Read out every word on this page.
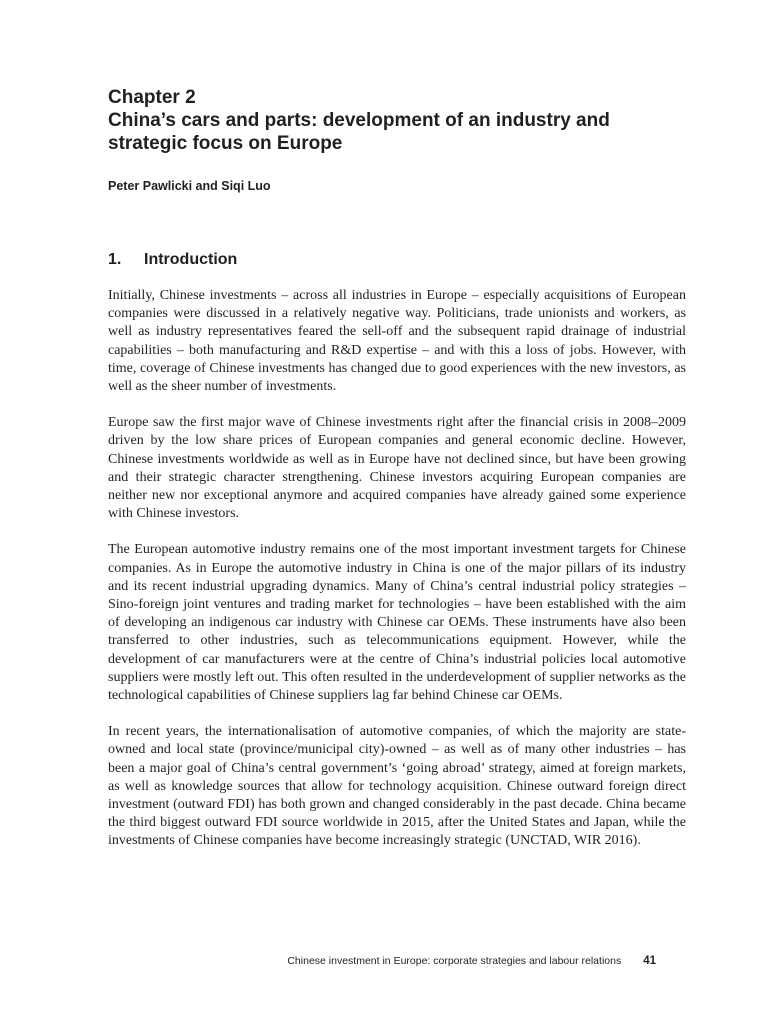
Chapter 2
China’s cars and parts: development of an industry and
strategic focus on Europe
Peter Pawlicki and Siqi Luo
1.	Introduction

Initially, Chinese investments – across all industries in Europe – especially acquisitions of European companies were discussed in a relatively negative way. Politicians, trade unionists and workers, as well as industry representatives feared the sell-off and the subsequent rapid drainage of industrial capabilities – both manufacturing and R&D expertise – and with this a loss of jobs. However, with time, coverage of Chinese investments has changed due to good experiences with the new investors, as well as the sheer number of investments.

Europe saw the first major wave of Chinese investments right after the financial crisis in 2008–2009 driven by the low share prices of European companies and general economic decline. However, Chinese investments worldwide as well as in Europe have not declined since, but have been growing and their strategic character strengthening. Chinese investors acquiring European companies are neither new nor exceptional anymore and acquired companies have already gained some experience with Chinese investors.

The European automotive industry remains one of the most important investment targets for Chinese companies. As in Europe the automotive industry in China is one of the major pillars of its industry and its recent industrial upgrading dynamics. Many of China’s central industrial policy strategies – Sino-foreign joint ventures and trading market for technologies – have been established with the aim of developing an indigenous car industry with Chinese car OEMs. These instruments have also been transferred to other industries, such as telecommunications equipment. However, while the development of car manufacturers were at the centre of China’s industrial policies local automotive suppliers were mostly left out. This often resulted in the underdevelopment of supplier networks as the technological capabilities of Chinese suppliers lag far behind Chinese car OEMs.

In recent years, the internationalisation of automotive companies, of which the majority are state-owned and local state (province/municipal city)-owned – as well as of many other industries – has been a major goal of China’s central government’s ‘going abroad’ strategy, aimed at foreign markets, as well as knowledge sources that allow for technology acquisition. Chinese outward foreign direct investment (outward FDI) has both grown and changed considerably in the past decade. China became the third biggest outward FDI source worldwide in 2015, after the United States and Japan, while the investments of Chinese companies have become increasingly strategic (UNCTAD, WIR 2016).

Chinese investment in Europe: corporate strategies and labour relations 41
